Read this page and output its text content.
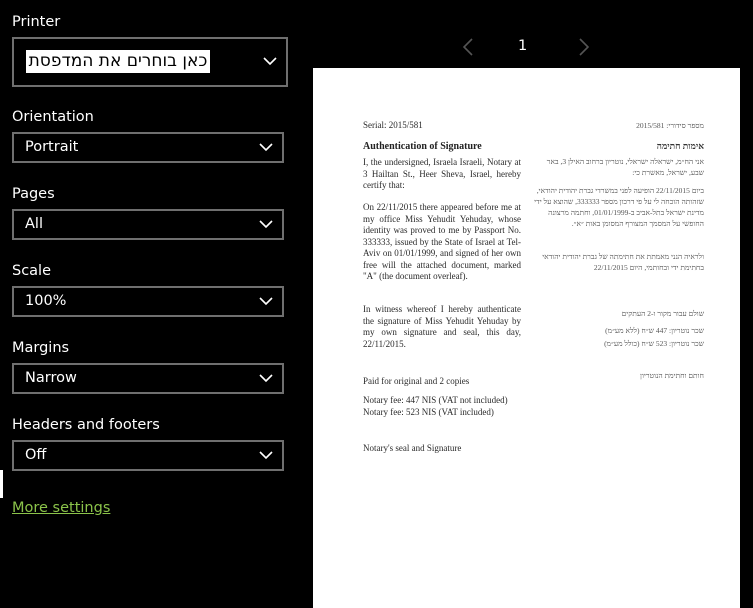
Printer
כאן בוחרים את המדפסת
Orientation
Portrait
Pages
All
Scale
100%
Margins
Narrow
Headers and footers
Off
More settings
1
Serial: 2015/581
Authentication of Signature
I, the undersigned, Israela Israeli, Notary at 3 Hailtan St., Heer Sheva, Israel, hereby certify that:
On 22/11/2015 there appeared before me at my office Miss Yehudit Yehuday, whose identity was proved to me by Passport No. 333333, issued by the State of Israel at Tel-Aviv on 01/01/1999, and signed of her own free will the attached document, marked "A" (the document overleaf).
In witness whereof I hereby authenticate the signature of Miss Yehudit Yehuday by my own signature and seal, this day, 22/11/2015.
Paid for original and 2 copies
Notary fee: 447 NIS (VAT not included)
Notary fee: 523 NIS (VAT included)
Notary's seal and Signature
מספר סידורי: 2015/581
אימות חתימה
אני הח״מ, ישראלה ישראלי, נוטריון ברחוב האילן 3, באר שבע, ישראל, מאשרת כי:
ביום 22/11/2015 הופיעה לפני במשרדי גברת יהודית יהודאי, שזהותה הוכחה לי על פי דרכון מספר 333333, שהוצא על ידי מדינת ישראל בתל-אביב ב-01/01/1999, וחתמה מרצונה החופשי על המסמך המצורף המסומן באות ״א״.
ולראיה הנני מאמתת את חתימתה של גברת יהודית יהודאי בחתימת ידי ובחותמי, היום 22/11/2015
שולם עבור מקור ו-2 העתקים
שכר נוטריון: 447 ש״ח (ללא מע״מ)
שכר נוטריון: 523 ש״ח (כולל מע״מ)
חותם וחתימת הנוטריון
